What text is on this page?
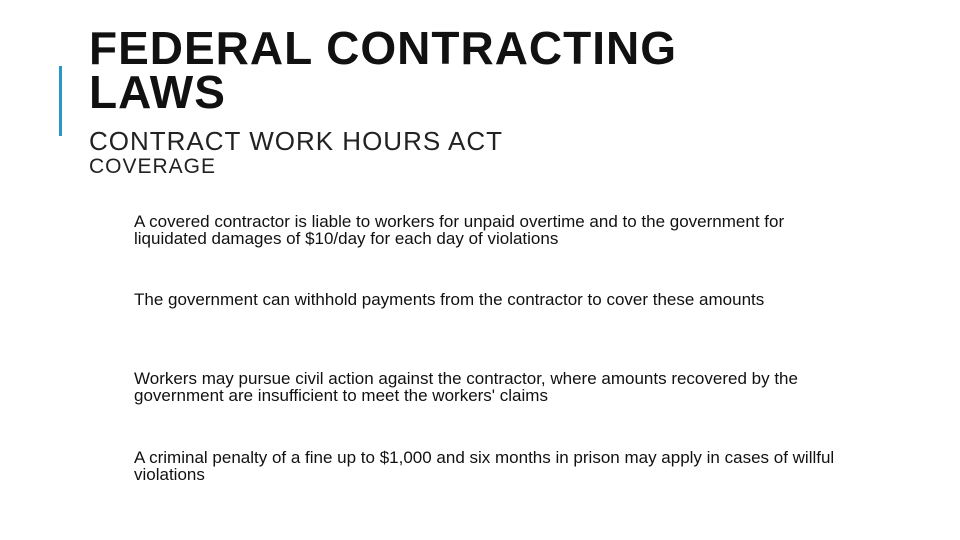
FEDERAL CONTRACTING
LAWS
CONTRACT WORK HOURS ACT
COVERAGE

A covered contractor is liable to workers for unpaid overtime and to the government for liquidated damages of $10/day for each day of violations

The government can withhold payments from the contractor to cover these amounts

Workers may pursue civil action against the contractor, where amounts recovered by the government are insufficient to meet the workers' claims

A criminal penalty of a fine up to $1,000 and six months in prison may apply in cases of willful violations
